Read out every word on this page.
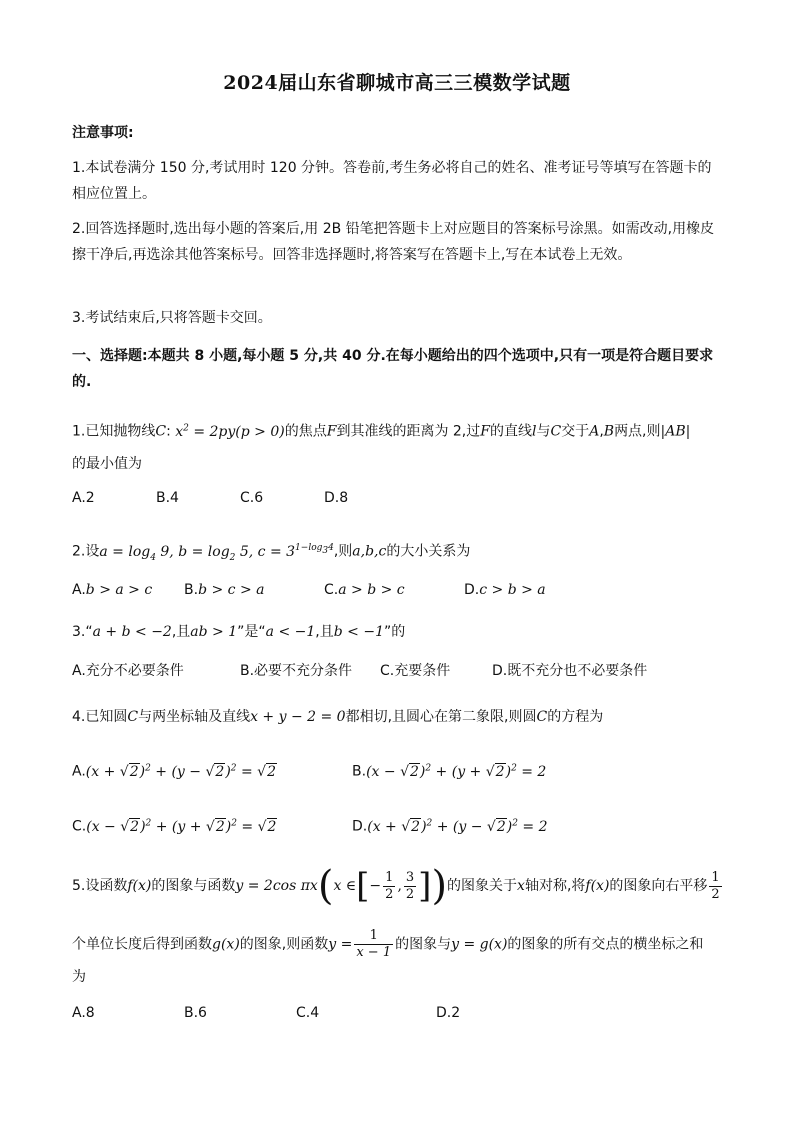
2024届山东省聊城市高三三模数学试题
注意事项:
1.本试卷满分 150 分,考试用时 120 分钟。答卷前,考生务必将自己的姓名、准考证号等填写在答题卡的相应位置上。
2.回答选择题时,选出每小题的答案后,用 2B 铅笔把答题卡上对应题目的答案标号涂黑。如需改动,用橡皮擦干净后,再选涂其他答案标号。回答非选择题时,将答案写在答题卡上,写在本试卷上无效。
3.考试结束后,只将答题卡交回。
一、选择题:本题共 8 小题,每小题 5 分,共 40 分.在每小题给出的四个选项中,只有一项是符合题目要求的.
1.已知抛物线C: $x^2 = 2py(p > 0)$的焦点F到其准线的距离为 2,过F的直线l与C交于A,B两点,则|AB|
的最小值为
A.2	B.4	C.6	D.8
2.设$a = \log_4 9$, $b = \log_2 5$, $c = 3^{1-log_34}$,则a,b,c的大小关系为
A.b > a > c B.b > c > a	C.a > b > c	D.c > b > a
3.“a + b < −2,且ab > 1”是“a < −1,且b < −1”的
A.充分不必要条件	B.必要不充分条件 C.充要条件	D.既不充分也不必要条件
4.已知圆C与两坐标轴及直线x + y − 2 = 0都相切,且圆心在第二象限,则圆C的方程为
$A.(x + √2)^2 + (y - √2)^2 = √2$	$B.(x - √2)^2 + (y + √2)^2 = 2$
$C.(x - √2)^2 + (y + √2)^2 = √2$	$D.(x + √2)^2 + (y - √2)^2 = 2$
5.设函数f(x)的图象与函数y = 2cos πx(x ∈[− $\frac{1}{2}$ , $\frac{3}{2}$ ])的图象关于x轴对称,将f(x)的图象向右平移 $\frac{1}{2}$
个单位长度后得到函数g(x)的图象,则函数$y = \frac{1}{x - 1}$ 的图象与y = g(x)的图象的所有交点的横坐标之和
为
A.8	B.6	C.4	D.2
